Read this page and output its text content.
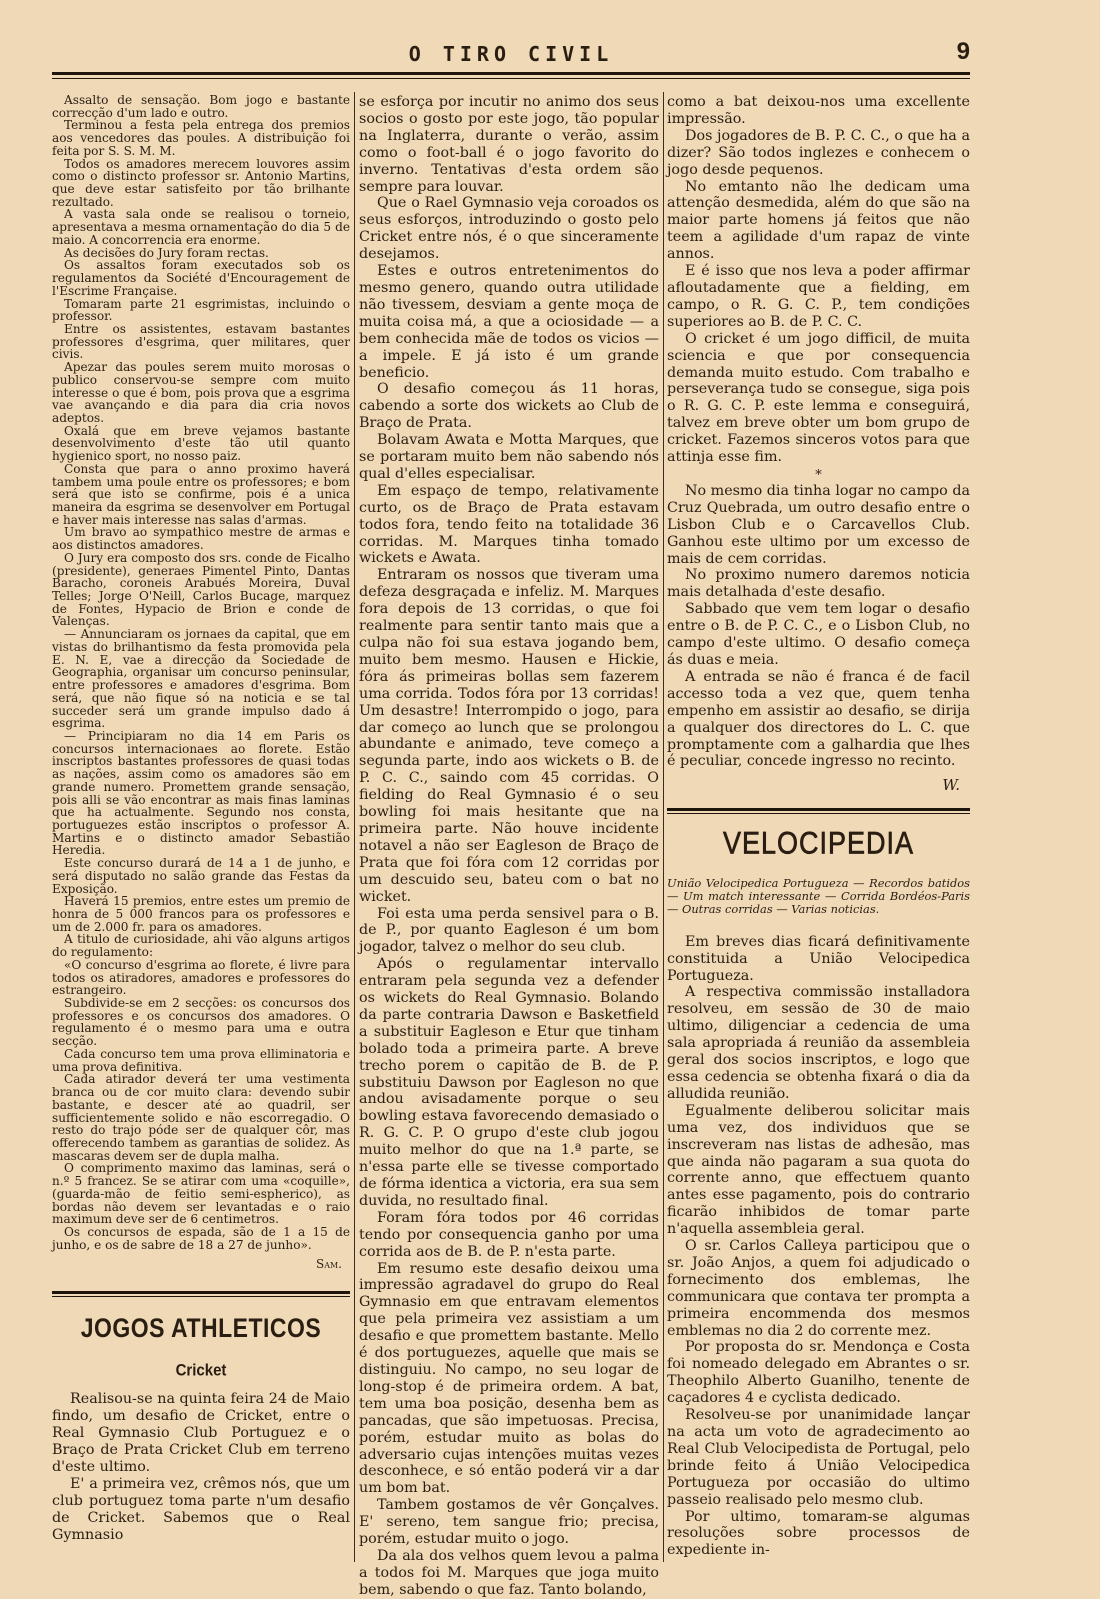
O TIRO CIVIL	9

Assalto de sensação. Bom jogo e bastante correcção d'um lado e outro.

Terminou a festa pela entrega dos premios aos vencedores das poules. A distribuição foi feita por S. S. M. M.

Todos os amadores merecem louvores assim como o distincto professor sr. Antonio Martins, que deve estar satisfeito por tão brilhante rezultado.

A vasta sala onde se realisou o torneio, apresentava a mesma ornamentação do dia 5 de maio. A concorrencia era enorme.

As decisões do Jury foram rectas.

Os assaltos foram executados sob os regulamentos da Société d'Encouragement de l'Escrime Française.

Tomaram parte 21 esgrimistas, incluindo o professor.

Entre os assistentes, estavam bastantes professores d'esgrima, quer militares, quer civis.

Apezar das poules serem muito morosas o publico conservou-se sempre com muito interesse o que é bom, pois prova que a esgrima vae avançando e dia para dia cria novos adeptos.

Oxalá que em breve vejamos bastante desenvolvimento d'este tão util quanto hygienico sport, no nosso paiz.

Consta que para o anno proximo haverá tambem uma poule entre os professores; e bom será que isto se confirme, pois é a unica maneira da esgrima se desenvolver em Portugal e haver mais interesse nas salas d'armas.

Um bravo ao sympathico mestre de armas e aos distinctos amadores.

O Jury era composto dos srs. conde de Ficalho (presidente), generaes Pimentel Pinto, Dantas Baracho, coroneis Arabués Moreira, Duval Telles; Jorge O'Neill, Carlos Bucage, marquez de Fontes, Hypacio de Brion e conde de Valenças.

— Annunciaram os jornaes da capital, que em vistas do brilhantismo da festa promovida pela E. N. E, vae a direcção da Sociedade de Geographia, organisar um concurso peninsular, entre professores e amadores d'esgrima. Bom será, que não fique só na noticia e se tal succeder será um grande impulso dado á esgrima.

— Principiaram no dia 14 em Paris os concursos internacionaes ao florete. Estão inscriptos bastantes professores de quasi todas as nações, assim como os amadores são em grande numero. Promettem grande sensação, pois alli se vão encontrar as mais finas laminas que ha actualmente. Segundo nos consta, portuguezes estão inscriptos o professor A. Martins e o distincto amador Sebastião Heredia.

Este concurso durará de 14 a 1 de junho, e será disputado no salão grande das Festas da Exposição.

Haverá 15 premios, entre estes um premio de honra de 5 000 francos para os professores e um de 2.000 fr. para os amadores.

A titulo de curiosidade, ahi vão alguns artigos do regulamento:

«O concurso d'esgrima ao florete, é livre para todos os atiradores, amadores e professores do estrangeiro.

Subdivide-se em 2 secções: os concursos dos professores e os concursos dos amadores. O regulamento é o mesmo para uma e outra secção.

Cada concurso tem uma prova elliminatoria e uma prova definitiva.

Cada atirador deverá ter uma vestimenta branca ou de cor muito clara: devendo subir bastante, e descer até ao quadril, ser sufficientemente solido e não escorregadio. O resto do trajo póde ser de qualquer côr, mas offerecendo tambem as garantias de solidez. As mascaras devem ser de dupla malha.

O comprimento maximo das laminas, será o n.º 5 francez. Se se atirar com uma «coquille», (guarda-mão de feitio semi-espherico), as bordas não devem ser levantadas e o raio maximum deve ser de 6 centimetros.

Os concursos de espada, são de 1 a 15 de junho, e os de sabre de 18 a 27 de junho».

Sam.
JOGOS ATHLETICOS
Cricket

Realisou-se na quinta feira 24 de Maio findo, um desafio de Cricket, entre o Real Gymnasio Club Portuguez e o Braço de Prata Cricket Club em terreno d'este ultimo.

E' a primeira vez, crêmos nós, que um club portuguez toma parte n'um desafio de Cricket. Sabemos que o Real Gymnasio

se esforça por incutir no animo dos seus socios o gosto por este jogo, tão popular na Inglaterra, durante o verão, assim como o foot-ball é o jogo favorito do inverno. Tentativas d'esta ordem são sempre para louvar.

Que o Rael Gymnasio veja coroados os seus esforços, introduzindo o gosto pelo Cricket entre nós, é o que sinceramente desejamos.

Estes e outros entretenimentos do mesmo genero, quando outra utilidade não tivessem, desviam a gente moça de muita coisa má, a que a ociosidade — a bem conhecida mãe de todos os vicios — a impele. E já isto é um grande beneficio.

O desafio começou ás 11 horas, cabendo a sorte dos wickets ao Club de Braço de Prata.

Bolavam Awata e Motta Marques, que se portaram muito bem não sabendo nós qual d'elles especialisar.

Em espaço de tempo, relativamente curto, os de Braço de Prata estavam todos fora, tendo feito na totalidade 36 corridas. M. Marques tinha tomado wickets e Awata.

Entraram os nossos que tiveram uma defeza desgraçada e infeliz. M. Marques fora depois de 13 corridas, o que foi realmente para sentir tanto mais que a culpa não foi sua estava jogando bem, muito bem mesmo. Hausen e Hickie, fóra ás primeiras bollas sem fazerem uma corrida. Todos fóra por 13 corridas! Um desastre! Interrompido o jogo, para dar começo ao lunch que se prolongou abundante e animado, teve começo a segunda parte, indo aos wickets o B. de P. C. C., saindo com 45 corridas. O fielding do Real Gymnasio é o seu bowling foi mais hesitante que na primeira parte. Não houve incidente notavel a não ser Eagleson de Braço de Prata que foi fóra com 12 corridas por um descuido seu, bateu com o bat no wicket.

Foi esta uma perda sensivel para o B. de P., por quanto Eagleson é um bom jogador, talvez o melhor do seu club.

Após o regulamentar intervallo entraram pela segunda vez a defender os wickets do Real Gymnasio. Bolando da parte contraria Dawson e Basketfield a substituir Eagleson e Etur que tinham bolado toda a primeira parte. A breve trecho porem o capitão de B. de P. substituiu Dawson por Eagleson no que andou avisadamente porque o seu bowling estava favorecendo demasiado o R. G. C. P. O grupo d'este club jogou muito melhor do que na 1.ª parte, se n'essa parte elle se tivesse comportado de fórma identica a victoria, era sua sem duvida, no resultado final.

Foram fóra todos por 46 corridas tendo por consequencia ganho por uma corrida aos de B. de P. n'esta parte.

Em resumo este desafio deixou uma impressão agradavel do grupo do Real Gymnasio em que entravam elementos que pela primeira vez assistiam a um desafio e que promettem bastante. Mello é dos portuguezes, aquelle que mais se distinguiu. No campo, no seu logar de long-stop é de primeira ordem. A bat, tem uma boa posição, desenha bem as pancadas, que são impetuosas. Precisa, porém, estudar muito as bolas do adversario cujas intenções muitas vezes desconhece, e só então poderá vir a dar um bom bat.

Tambem gostamos de vêr Gonçalves. E' sereno, tem sangue frio; precisa, porém, estudar muito o jogo.

Da ala dos velhos quem levou a palma a todos foi M. Marques que joga muito bem, sabendo o que faz. Tanto bolando,

como a bat deixou-nos uma excellente impressão.

Dos jogadores de B. P. C. C., o que ha a dizer? São todos inglezes e conhecem o jogo desde pequenos.

No emtanto não lhe dedicam uma attenção desmedida, além do que são na maior parte homens já feitos que não teem a agilidade d'um rapaz de vinte annos.

E é isso que nos leva a poder affirmar afloutadamente que a fielding, em campo, o R. G. C. P., tem condições superiores ao B. de P. C. C.

O cricket é um jogo difficil, de muita sciencia e que por consequencia demanda muito estudo. Com trabalho e perseverança tudo se consegue, siga pois o R. G. C. P. este lemma e conseguirá, talvez em breve obter um bom grupo de cricket. Fazemos sinceros votos para que attinja esse fim.

*

No mesmo dia tinha logar no campo da Cruz Quebrada, um outro desafio entre o Lisbon Club e o Carcavellos Club. Ganhou este ultimo por um excesso de mais de cem corridas.

No proximo numero daremos noticia mais detalhada d'este desafio.

Sabbado que vem tem logar o desafio entre o B. de P. C. C., e o Lisbon Club, no campo d'este ultimo. O desafio começa ás duas e meia.

A entrada se não é franca é de facil accesso toda a vez que, quem tenha empenho em assistir ao desafio, se dirija a qualquer dos directores do L. C. que promptamente com a galhardia que lhes é peculiar, concede ingresso no recinto.

W.
VELOCIPEDIA
União Velocipedica Portugueza — Recordos batidos — Um match interessante — Corrida Bordéos-Paris — Outras corridas — Varias noticias.

Em breves dias ficará definitivamente constituida a União Velocipedica Portugueza.

A respectiva commissão installadora resolveu, em sessão de 30 de maio ultimo, diligenciar a cedencia de uma sala apropriada á reunião da assembleia geral dos socios inscriptos, e logo que essa cedencia se obtenha fixará o dia da alludida reunião.

Egualmente deliberou solicitar mais uma vez, dos individuos que se inscreveram nas listas de adhesão, mas que ainda não pagaram a sua quota do corrente anno, que effectuem quanto antes esse pagamento, pois do contrario ficarão inhibidos de tomar parte n'aquella assembleia geral.

O sr. Carlos Calleya participou que o sr. João Anjos, a quem foi adjudicado o fornecimento dos emblemas, lhe communicara que contava ter prompta a primeira encommenda dos mesmos emblemas no dia 2 do corrente mez.

Por proposta do sr. Mendonça e Costa foi nomeado delegado em Abrantes o sr. Theophilo Alberto Guanilho, tenente de caçadores 4 e cyclista dedicado.

Resolveu-se por unanimidade lançar na acta um voto de agradecimento ao Real Club Velocipedista de Portugal, pelo brinde feito á União Velocipedica Portugueza por occasião do ultimo passeio realisado pelo mesmo club.

Por ultimo, tomaram-se algumas resoluções sobre processos de expediente in-
